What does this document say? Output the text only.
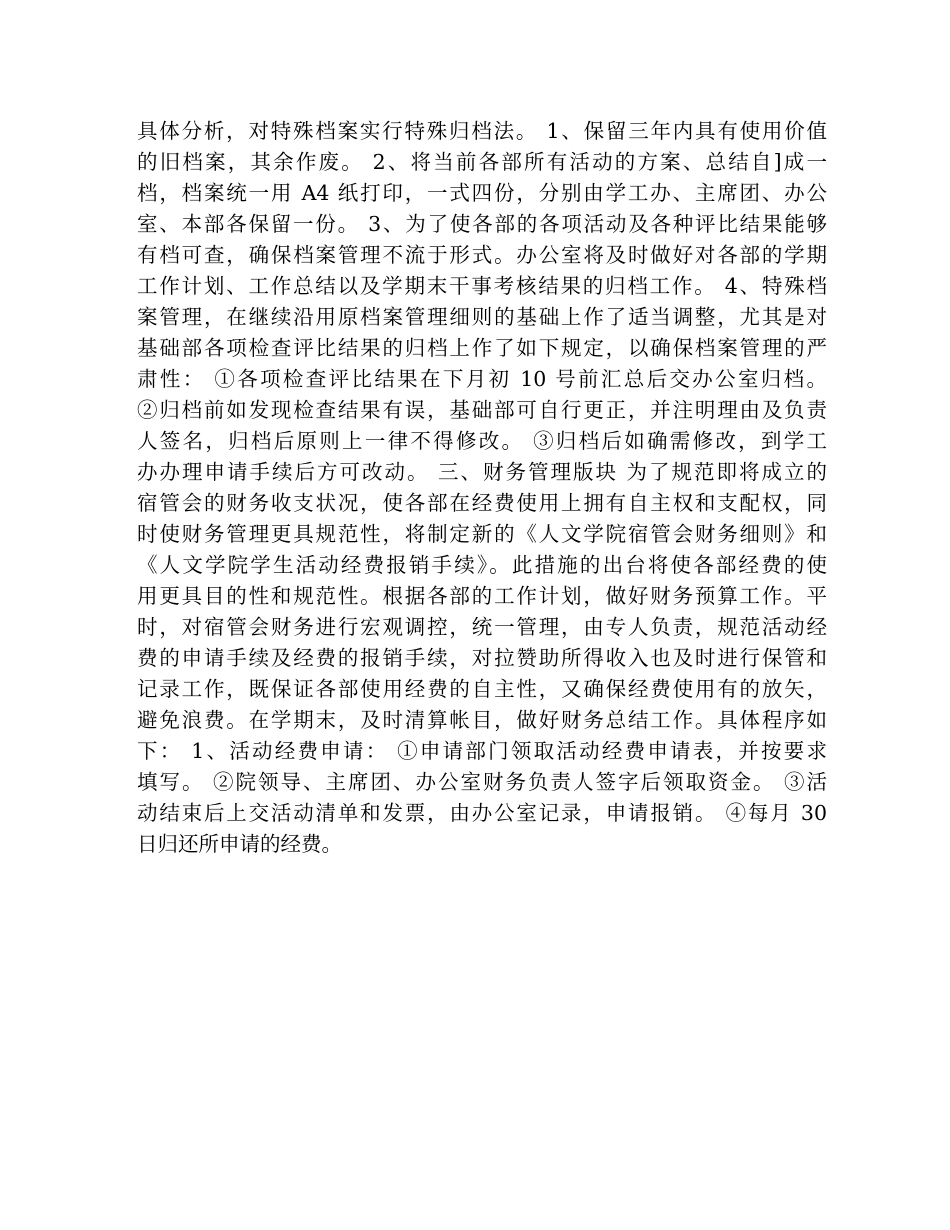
具体分析，对特殊档案实行特殊归档法。 1、保留三年内具有使用价值
的旧档案，其余作废。 2、将当前各部所有活动的方案、总结自]成一
档，档案统一用 A4 纸打印，一式四份，分别由学工办、主席团、办公
室、本部各保留一份。 3、为了使各部的各项活动及各种评比结果能够
有档可查，确保档案管理不流于形式。办公室将及时做好对各部的学期
工作计划、工作总结以及学期末干事考核结果的归档工作。 4、特殊档
案管理，在继续沿用原档案管理细则的基础上作了适当调整，尤其是对
基础部各项检查评比结果的归档上作了如下规定，以确保档案管理的严
肃性： ①各项检查评比结果在下月初 10 号前汇总后交办公室归档。
②归档前如发现检查结果有误，基础部可自行更正，并注明理由及负责
人签名，归档后原则上一律不得修改。 ③归档后如确需修改，到学工
办办理申请手续后方可改动。 三、财务管理版块 为了规范即将成立的
宿管会的财务收支状况，使各部在经费使用上拥有自主权和支配权，同
时使财务管理更具规范性，将制定新的《人文学院宿管会财务细则》和
《人文学院学生活动经费报销手续》。此措施的出台将使各部经费的使
用更具目的性和规范性。根据各部的工作计划，做好财务预算工作。平
时，对宿管会财务进行宏观调控，统一管理，由专人负责，规范活动经
费的申请手续及经费的报销手续，对拉赞助所得收入也及时进行保管和
记录工作，既保证各部使用经费的自主性，又确保经费使用有的放矢，
避免浪费。在学期末，及时清算帐目，做好财务总结工作。具体程序如
下： 1、活动经费申请： ①申请部门领取活动经费申请表，并按要求
填写。 ②院领导、主席团、办公室财务负责人签字后领取资金。 ③活
动结束后上交活动清单和发票，由办公室记录，申请报销。 ④每月 30
日归还所申请的经费。
